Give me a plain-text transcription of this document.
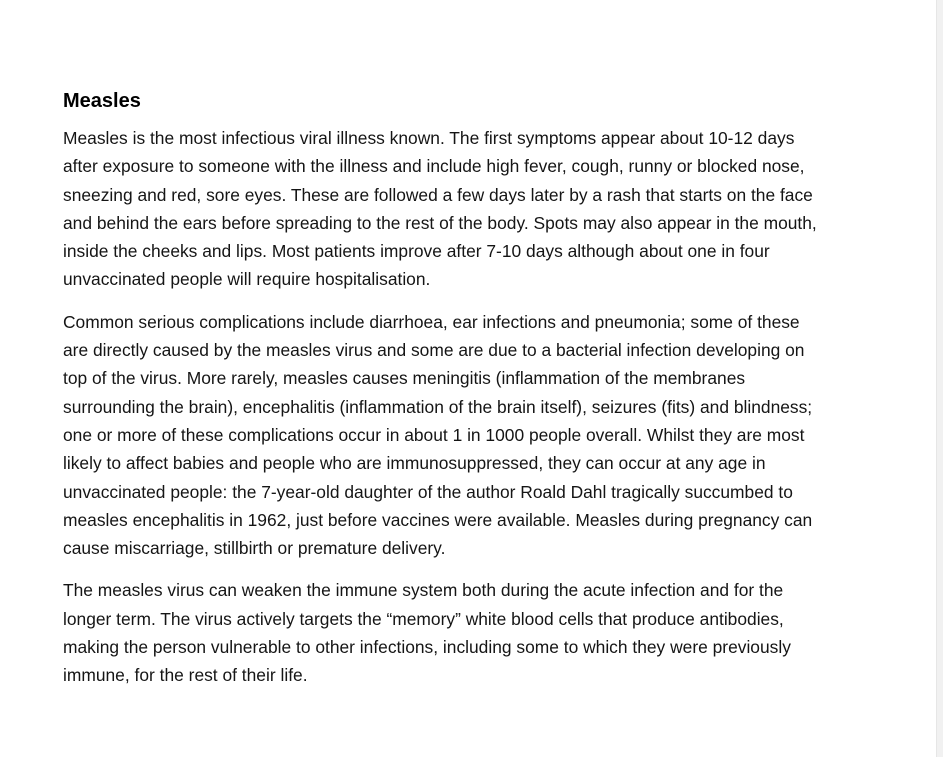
Measles

Measles is the most infectious viral illness known. The first symptoms appear about 10-12 days after exposure to someone with the illness and include high fever, cough, runny or blocked nose, sneezing and red, sore eyes. These are followed a few days later by a rash that starts on the face and behind the ears before spreading to the rest of the body. Spots may also appear in the mouth, inside the cheeks and lips. Most patients improve after 7-10 days although about one in four unvaccinated people will require hospitalisation.

Common serious complications include diarrhoea, ear infections and pneumonia; some of these are directly caused by the measles virus and some are due to a bacterial infection developing on top of the virus. More rarely, measles causes meningitis (inflammation of the membranes surrounding the brain), encephalitis (inflammation of the brain itself), seizures (fits) and blindness; one or more of these complications occur in about 1 in 1000 people overall. Whilst they are most likely to affect babies and people who are immunosuppressed, they can occur at any age in unvaccinated people: the 7-year-old daughter of the author Roald Dahl tragically succumbed to measles encephalitis in 1962, just before vaccines were available. Measles during pregnancy can cause miscarriage, stillbirth or premature delivery.

The measles virus can weaken the immune system both during the acute infection and for the longer term. The virus actively targets the “memory” white blood cells that produce antibodies, making the person vulnerable to other infections, including some to which they were previously immune, for the rest of their life.
